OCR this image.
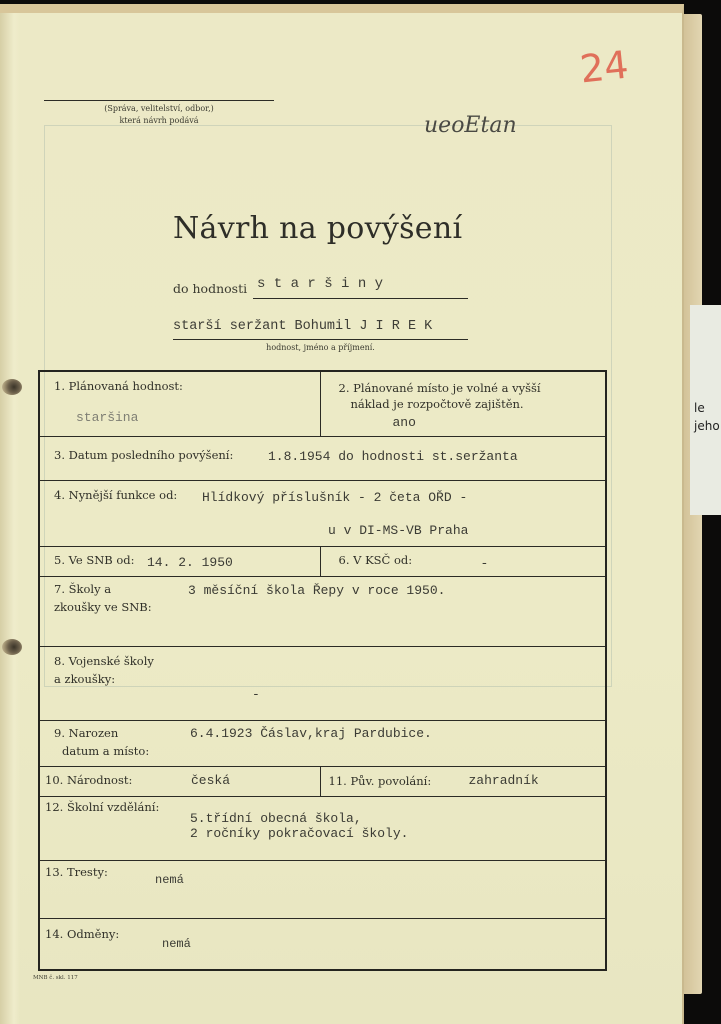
le
jeho
24
ueoEtan
(Správa, velitelství, odbor,)
která návrh podává
Návrh na povýšení
do hodnosti s t a r š i n y
starší seržant Bohumil J I R E K
hodnost, jméno a příjmení.
1. Plánovaná hodnost:
staršina	2. Plánované místo je volné a vyšší
náklad je rozpočtově zajištěn.
ano

3. Datum posledního povýšení: 1.8.1954 do hodnosti st.seržanta	

4. Nynější funkce od: Hlídkový příslušník - 2 četa OŘD -
u v DI-MS-VB Praha	

5. Ve SNB od: 14. 2. 1950	6. V KSČ od: -

7. Školy a
zkoušky ve SNB:
3 měsíční škola Řepy v roce 1950.	

8. Vojenské školy
a zkoušky:
-	

9. Narozen
datum a místo:
6.4.1923 Čáslav,kraj Pardubice.	

10. Národnost: česká	11. Pův. povolání: zahradník

12. Školní vzdělání:
5.třídní obecná škola,
2 ročníky pokračovací školy.	

13. Tresty:
nemá	

14. Odměny:
nemá	
MNB č. skl. 117
